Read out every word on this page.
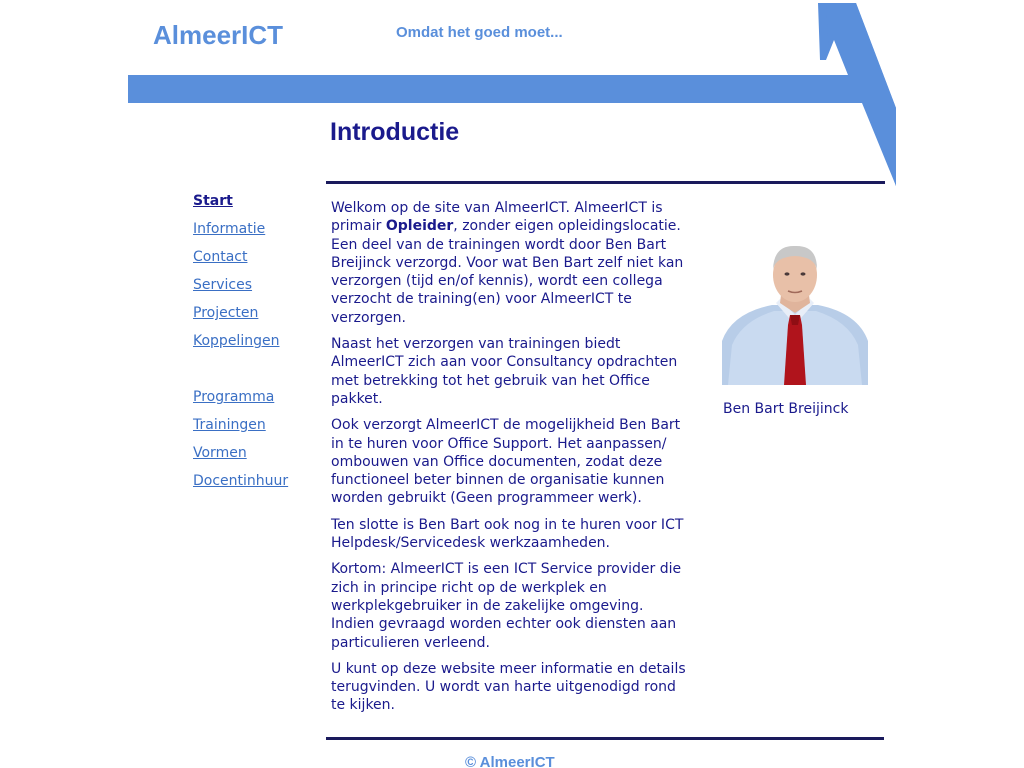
AlmeerICT	Omdat het goed moet...
Introductie
Start
Informatie
Contact
Services
Projecten
Koppelingen
Programma
Trainingen
Vormen
Docentinhuur

Welkom op de site van AlmeerICT. AlmeerICT is primair Opleider, zonder eigen opleidingslocatie. Een deel van de trainingen wordt door Ben Bart Breijinck verzorgd. Voor wat Ben Bart zelf niet kan verzorgen (tijd en/of kennis), wordt een collega verzocht de training(en) voor AlmeerICT te verzorgen.

Naast het verzorgen van trainingen biedt AlmeerICT zich aan voor Consultancy opdrachten met betrekking tot het gebruik van het Office pakket.

Ook verzorgt AlmeerICT de mogelijkheid Ben Bart in te huren voor Office Support. Het aanpassen/ ombouwen van Office documenten, zodat deze functioneel beter binnen de organisatie kunnen worden gebruikt (Geen programmeer werk).

Ten slotte is Ben Bart ook nog in te huren voor ICT Helpdesk/Servicedesk werkzaamheden.

Kortom: AlmeerICT is een ICT Service provider die zich in principe richt op de werkplek en werkplekgebruiker in de zakelijke omgeving. Indien gevraagd worden echter ook diensten aan particulieren verleend.

U kunt op deze website meer informatie en details terugvinden. U wordt van harte uitgenodigd rond te kijken.

Ben Bart Breijinck
© AlmeerICT
